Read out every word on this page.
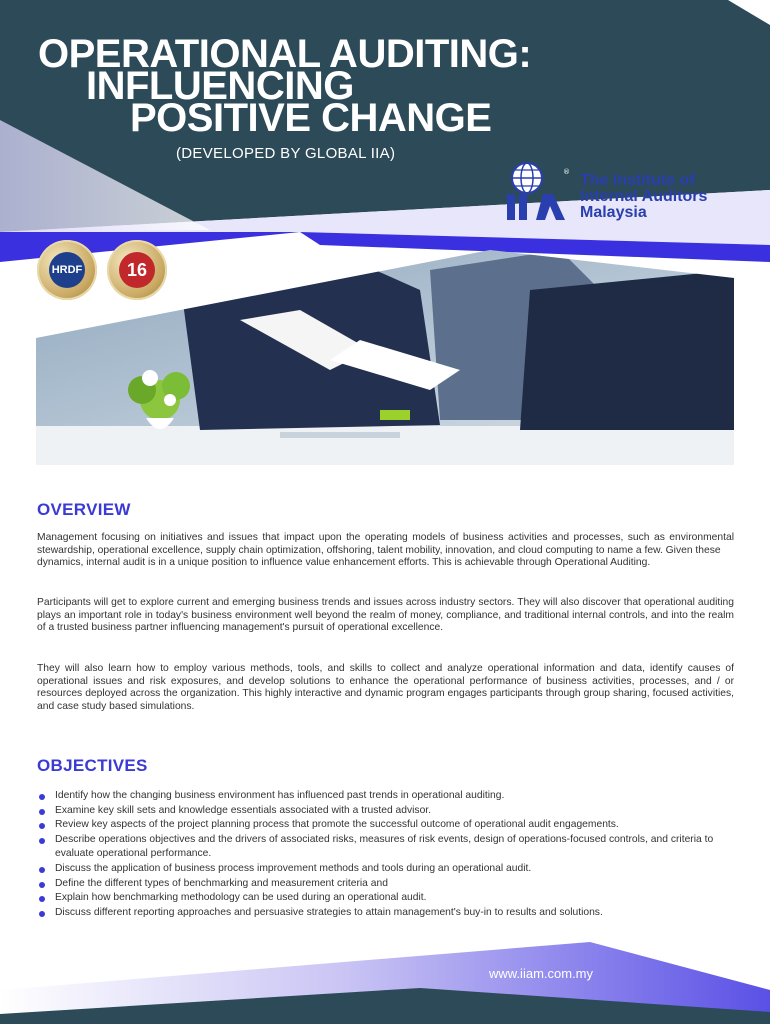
OPERATIONAL AUDITING:
INFLUENCING
POSITIVE CHANGE
(DEVELOPED BY GLOBAL IIA)
® The Institute of
Internal Auditors
Malaysia
HRDF	16
OVERVIEW
Management focusing on initiatives and issues that impact upon the operating models of business activities and processes, such as environmental stewardship, operational excellence, supply chain optimization, offshoring, talent mobility, innovation, and cloud computing to name a few. Given these
dynamics, internal audit is in a unique position to influence value enhancement efforts. This is achievable through Operational Auditing.

Participants will get to explore current and emerging business trends and issues across industry sectors. They will also discover that operational auditing plays an important role in today's business environment well beyond the realm of money, compliance, and traditional internal controls, and into the realm of a trusted business partner influencing management's pursuit of operational excellence.

They will also learn how to employ various methods, tools, and skills to collect and analyze operational information and data, identify causes of operational issues and risk exposures, and develop solutions to enhance the operational performance of business activities, processes, and / or resources deployed across the organization. This highly interactive and dynamic program engages participants through group sharing, focused activities, and case study based simulations.

OBJECTIVES
Identify how the changing business environment has influenced past trends in operational auditing.
Examine key skill sets and knowledge essentials associated with a trusted advisor.
Review key aspects of the project planning process that promote the successful outcome of operational audit engagements.
Describe operations objectives and the drivers of associated risks, measures of risk events, design of operations-focused controls, and criteria to evaluate operational performance.
Discuss the application of business process improvement methods and tools during an operational audit.
Define the different types of benchmarking and measurement criteria and
Explain how benchmarking methodology can be used during an operational audit.
Discuss different reporting approaches and persuasive strategies to attain management's buy-in to results and solutions.
www.iiam.com.my
